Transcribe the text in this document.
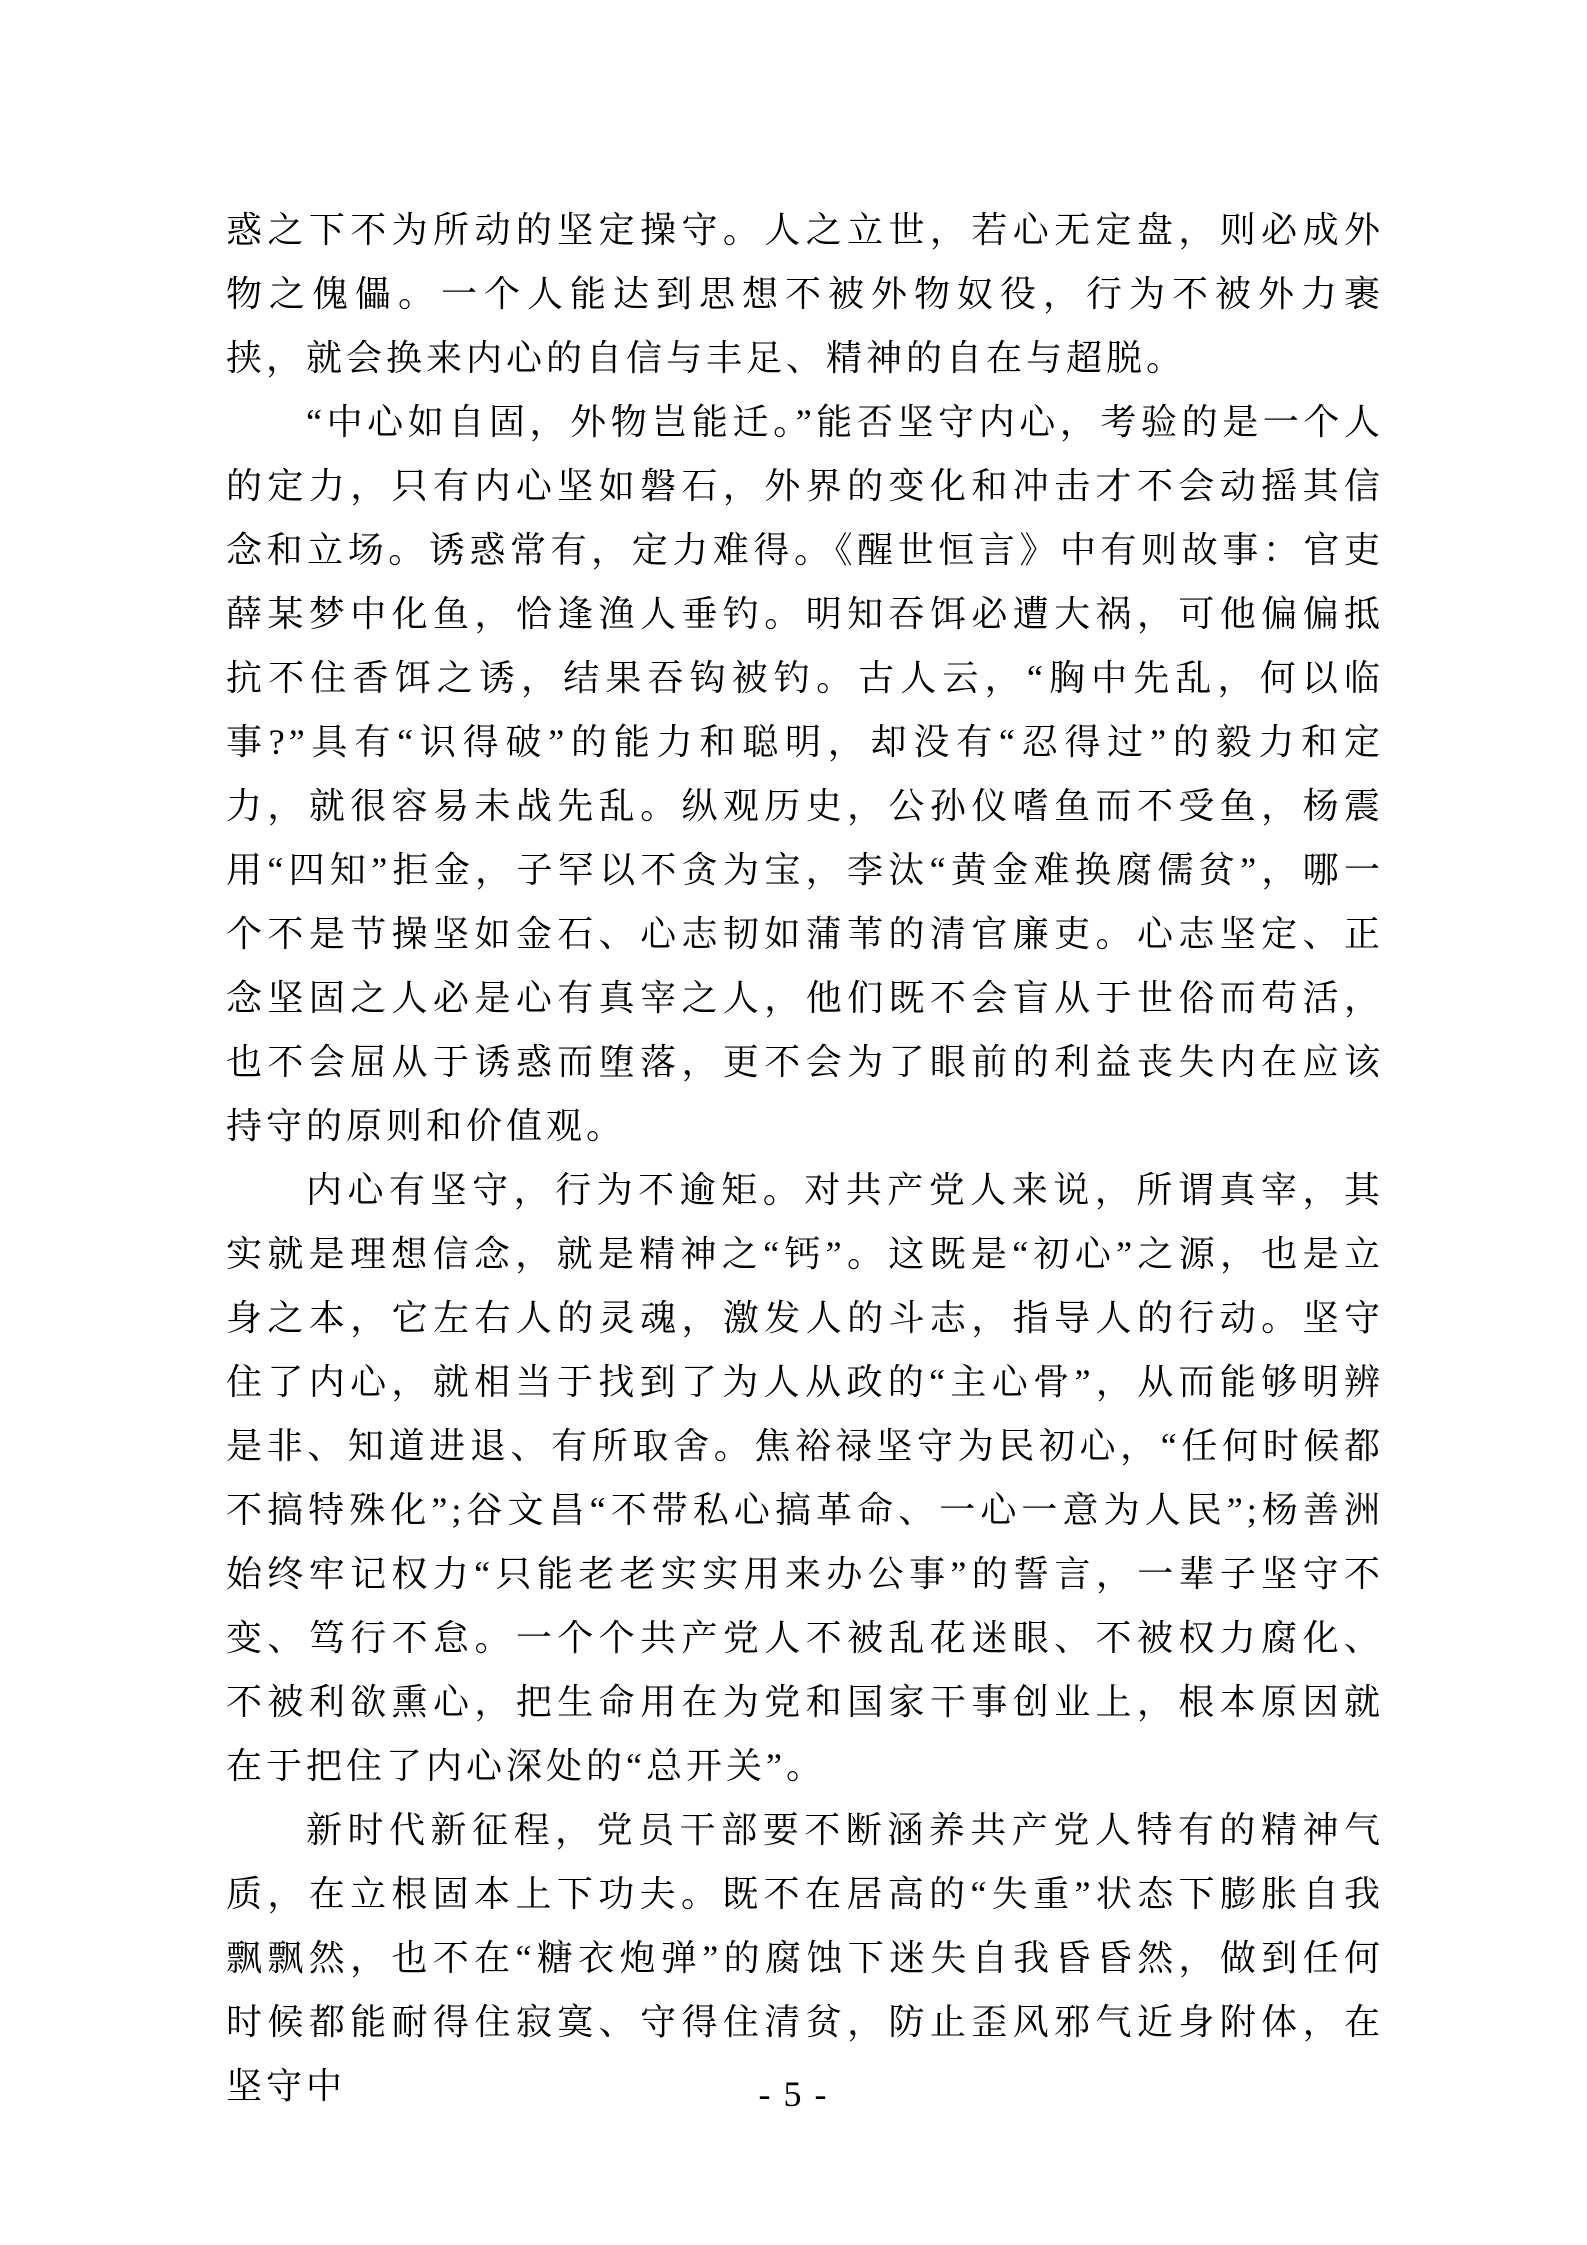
惑之下不为所动的坚定操守。人之立世，若心无定盘，则必成外物之傀儡。一个人能达到思想不被外物奴役，行为不被外力裹挟，就会换来内心的自信与丰足、精神的自在与超脱。

“中心如自固，外物岂能迁。”能否坚守内心，考验的是一个人的定力，只有内心坚如磐石，外界的变化和冲击才不会动摇其信念和立场。诱惑常有，定力难得。《醒世恒言》中有则故事：官吏薛某梦中化鱼，恰逢渔人垂钓。明知吞饵必遭大祸，可他偏偏抵抗不住香饵之诱，结果吞钩被钓。古人云，“胸中先乱，何以临事?”具有“识得破”的能力和聪明，却没有“忍得过”的毅力和定力，就很容易未战先乱。纵观历史，公孙仪嗜鱼而不受鱼，杨震用“四知”拒金，子罕以不贪为宝，李汰“黄金难换腐儒贫”，哪一个不是节操坚如金石、心志韧如蒲苇的清官廉吏。心志坚定、正念坚固之人必是心有真宰之人，他们既不会盲从于世俗而苟活，也不会屈从于诱惑而堕落，更不会为了眼前的利益丧失内在应该持守的原则和价值观。

内心有坚守，行为不逾矩。对共产党人来说，所谓真宰，其实就是理想信念，就是精神之“钙”。这既是“初心”之源，也是立身之本，它左右人的灵魂，激发人的斗志，指导人的行动。坚守住了内心，就相当于找到了为人从政的“主心骨”，从而能够明辨是非、知道进退、有所取舍。焦裕禄坚守为民初心，“任何时候都不搞特殊化”;谷文昌“不带私心搞革命、一心一意为人民”;杨善洲始终牢记权力“只能老老实实用来办公事”的誓言，一辈子坚守不变、笃行不怠。一个个共产党人不被乱花迷眼、不被权力腐化、不被利欲熏心，把生命用在为党和国家干事创业上，根本原因就在于把住了内心深处的“总开关”。

新时代新征程，党员干部要不断涵养共产党人特有的精神气质，在立根固本上下功夫。既不在居高的“失重”状态下膨胀自我飘飘然，也不在“糖衣炮弹”的腐蚀下迷失自我昏昏然，做到任何时候都能耐得住寂寞、守得住清贫，防止歪风邪气近身附体，在坚守中	- 5 -
